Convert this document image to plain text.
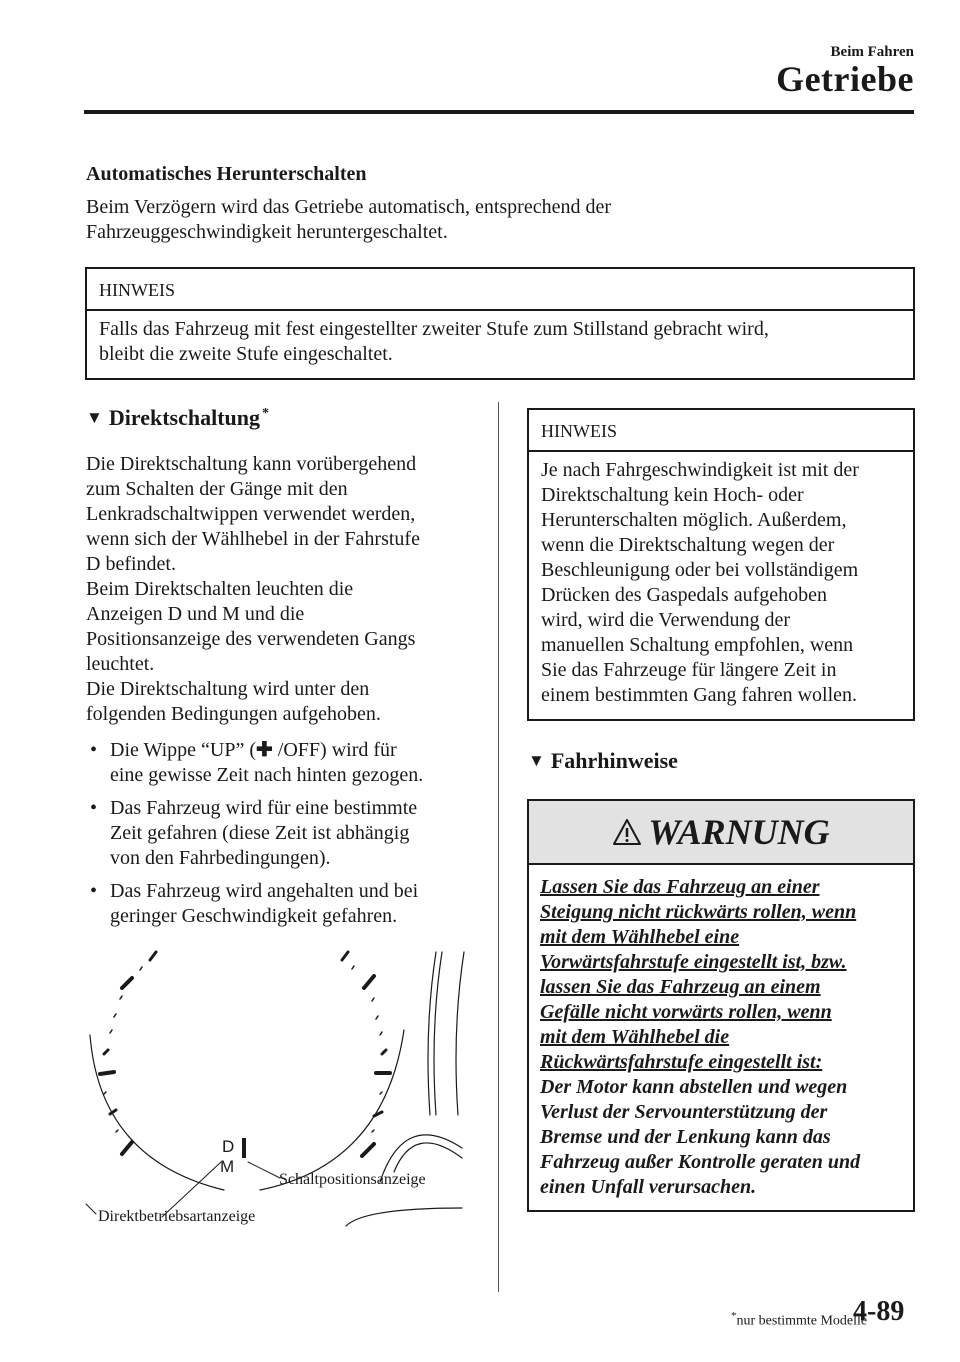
Beim Fahren
Getriebe
Automatisches Herunterschalten
Beim Verzögern wird das Getriebe automatisch, entsprechend der
Fahrzeuggeschwindigkeit heruntergeschaltet.
HINWEIS
Falls das Fahrzeug mit fest eingestellter zweiter Stufe zum Stillstand gebracht wird,
bleibt die zweite Stufe eingeschaltet.
▼ Direktschaltung*
Die Direktschaltung kann vorübergehend
zum Schalten der Gänge mit den
Lenkradschaltwippen verwendet werden,
wenn sich der Wählhebel in der Fahrstufe
D befindet.
Beim Direktschalten leuchten die
Anzeigen D und M und die
Positionsanzeige des verwendeten Gangs
leuchtet.
Die Direktschaltung wird unter den
folgenden Bedingungen aufgehoben.
• Die Wippe “UP” (✚ /OFF) wird für
eine gewisse Zeit nach hinten gezogen.
• Das Fahrzeug wird für eine bestimmte
Zeit gefahren (diese Zeit ist abhängig
von den Fahrbedingungen).
• Das Fahrzeug wird angehalten und bei
geringer Geschwindigkeit gefahren.
D
M
Schaltpositionsanzeige
Direktbetriebsartanzeige
HINWEIS
Je nach Fahrgeschwindigkeit ist mit der
Direktschaltung kein Hoch- oder
Herunterschalten möglich. Außerdem,
wenn die Direktschaltung wegen der
Beschleunigung oder bei vollständigem
Drücken des Gaspedals aufgehoben
wird, wird die Verwendung der
manuellen Schaltung empfohlen, wenn
Sie das Fahrzeuge für längere Zeit in
einem bestimmten Gang fahren wollen.
▼ Fahrhinweise
WARNUNG
Lassen Sie das Fahrzeug an einer
Steigung nicht rückwärts rollen, wenn
mit dem Wählhebel eine
Vorwärtsfahrstufe eingestellt ist, bzw.
lassen Sie das Fahrzeug an einem
Gefälle nicht vorwärts rollen, wenn
mit dem Wählhebel die
Rückwärtsfahrstufe eingestellt ist:
Der Motor kann abstellen und wegen
Verlust der Servounterstützung der
Bremse und der Lenkung kann das
Fahrzeug außer Kontrolle geraten und
einen Unfall verursachen.
*nur bestimmte Modelle
4-89
